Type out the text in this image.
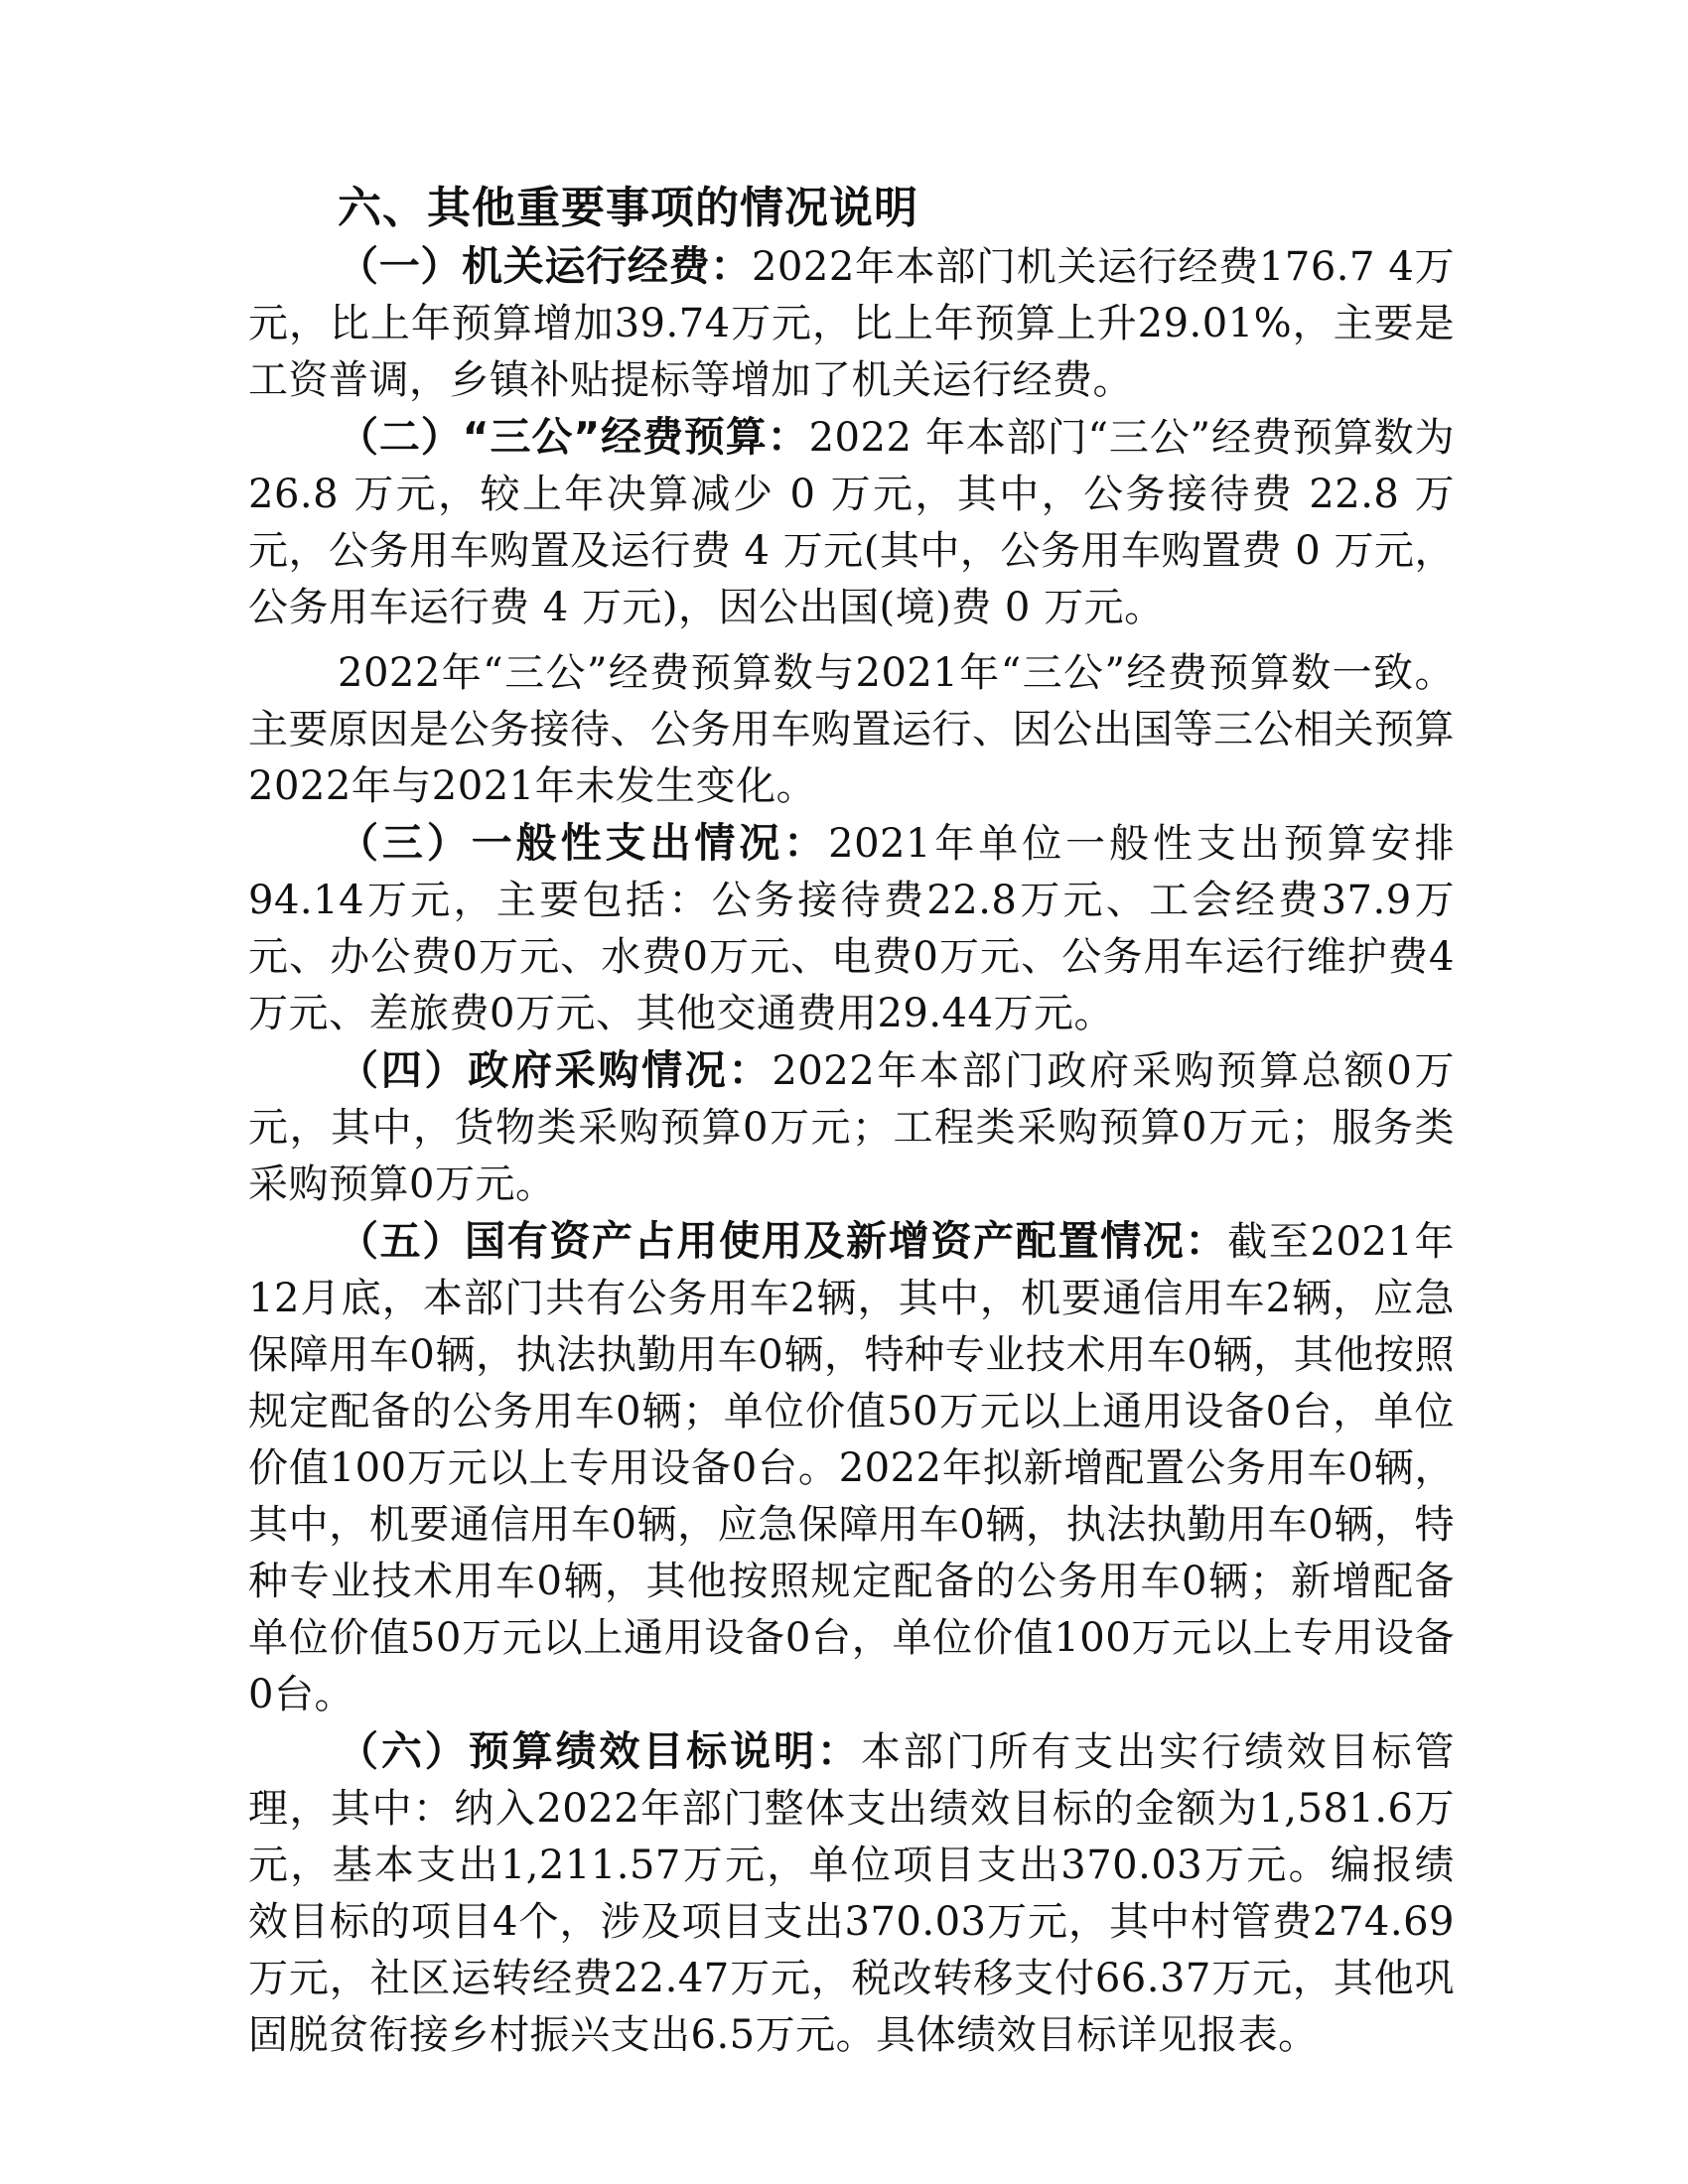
六、其他重要事项的情况说明

（一）机关运行经费：2022年本部门机关运行经费176.7 4万元，比上年预算增加39.74万元，比上年预算上升29.01%，主要是工资普调，乡镇补贴提标等增加了机关运行经费。

（二）“三公”经费预算：2022 年本部门“三公”经费预算数为 26.8 万元，较上年决算减少 0 万元，其中，公务接待费 22.8 万元，公务用车购置及运行费 4 万元(其中，公务用车购置费 0 万元，公务用车运行费 4 万元)，因公出国(境)费 0 万元。

2022年“三公”经费预算数与2021年“三公”经费预算数一致。主要原因是公务接待、公务用车购置运行、因公出国等三公相关预算2022年与2021年未发生变化。

（三）一般性支出情况：2021年单位一般性支出预算安排94.14万元，主要包括：公务接待费22.8万元、工会经费37.9万元、办公费0万元、水费0万元、电费0万元、公务用车运行维护费4万元、差旅费0万元、其他交通费用29.44万元。

（四）政府采购情况：2022年本部门政府采购预算总额0万元，其中，货物类采购预算0万元；工程类采购预算0万元；服务类采购预算0万元。

（五）国有资产占用使用及新增资产配置情况：截至2021年12月底，本部门共有公务用车2辆，其中，机要通信用车2辆，应急保障用车0辆，执法执勤用车0辆，特种专业技术用车0辆，其他按照规定配备的公务用车0辆；单位价值50万元以上通用设备0台，单位价值100万元以上专用设备0台。2022年拟新增配置公务用车0辆，其中，机要通信用车0辆，应急保障用车0辆，执法执勤用车0辆，特种专业技术用车0辆，其他按照规定配备的公务用车0辆；新增配备单位价值50万元以上通用设备0台，单位价值100万元以上专用设备0台。

（六）预算绩效目标说明：本部门所有支出实行绩效目标管理，其中：纳入2022年部门整体支出绩效目标的金额为1,581.6万元，基本支出1,211.57万元，单位项目支出370.03万元。编报绩效目标的项目4个，涉及项目支出370.03万元，其中村管费274.69万元，社区运转经费22.47万元，税改转移支付66.37万元，其他巩固脱贫衔接乡村振兴支出6.5万元。具体绩效目标详见报表。
